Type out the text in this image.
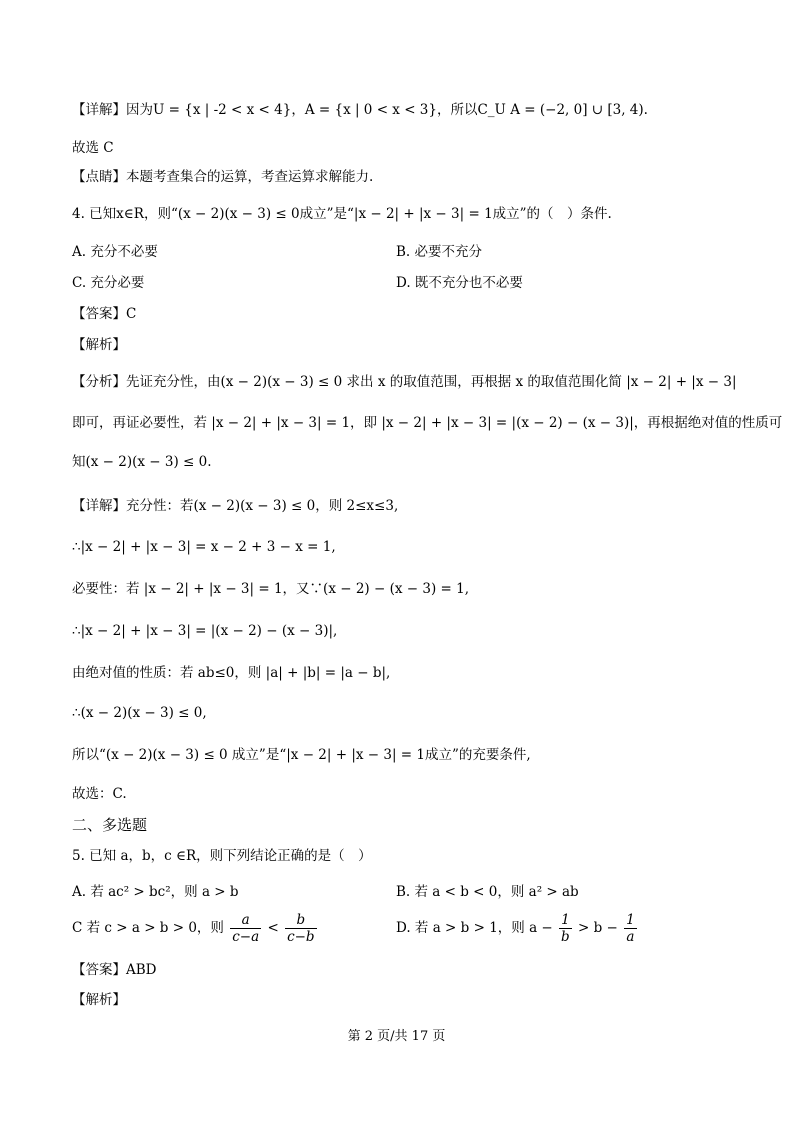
【详解】因为U = {x | -2 < x < 4}，A = {x | 0 < x < 3}，所以C_U A = (−2, 0] ∪ [3, 4).
故选 C
【点睛】本题考查集合的运算，考查运算求解能力.
4. 已知x∈R，则“(x − 2)(x − 3) ≤ 0成立”是“|x − 2| + |x − 3| = 1成立”的（　）条件.
A. 充分不必要	B. 必要不充分
C. 充分必要	D. 既不充分也不必要
【答案】C
【解析】
【分析】先证充分性，由(x − 2)(x − 3) ≤ 0 求出 x 的取值范围，再根据 x 的取值范围化简 |x − 2| + |x − 3|
即可，再证必要性，若 |x − 2| + |x − 3| = 1，即 |x − 2| + |x − 3| = |(x − 2) − (x − 3)|，再根据绝对值的性质可
知(x − 2)(x − 3) ≤ 0.
【详解】充分性：若(x − 2)(x − 3) ≤ 0，则 2≤x≤3,
∴|x − 2| + |x − 3| = x − 2 + 3 − x = 1,
必要性：若 |x − 2| + |x − 3| = 1，又∵(x − 2) − (x − 3) = 1,
∴|x − 2| + |x − 3| = |(x − 2) − (x − 3)|,
由绝对值的性质：若 ab≤0，则 |a| + |b| = |a − b|,
∴(x − 2)(x − 3) ≤ 0,
所以“(x − 2)(x − 3) ≤ 0 成立”是“|x − 2| + |x − 3| = 1成立”的充要条件,
故选：C.
二、多选题
5. 已知 a，b，c ∈R，则下列结论正确的是（　）
A. 若 ac² > bc²，则 a > b	B. 若 a < b < 0，则 a² > ab
C 若 c > a > b > 0，则 $\frac{a}{c-a} < \frac{b}{c-b}$	D. 若 a > b > 1，则 $a - \frac{1}{b} > b - \frac{1}{a}$
【答案】ABD
【解析】
第 2 页/共 17 页
